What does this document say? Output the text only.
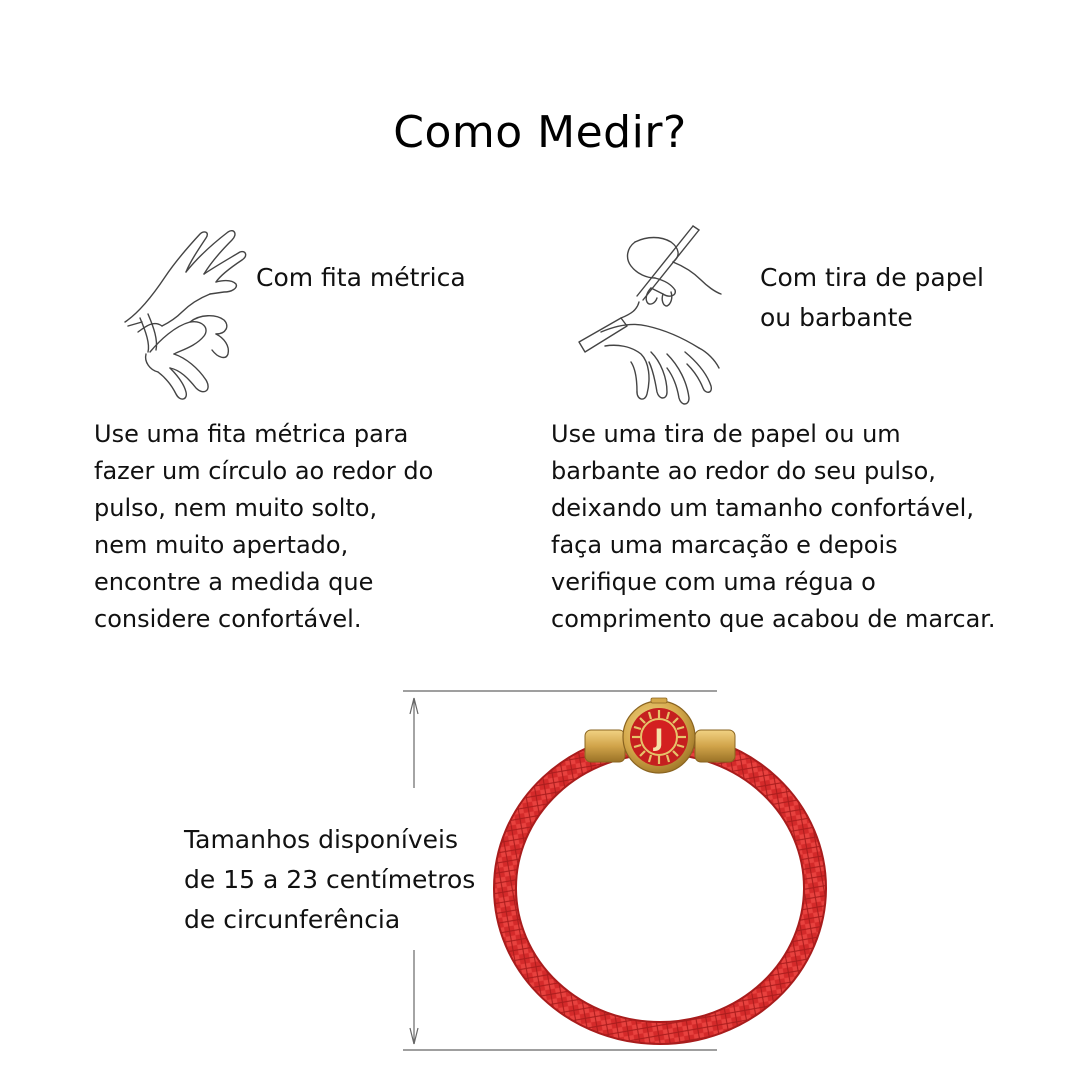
Como Medir?
Com fita métrica	Com tira de papel
ou barbante

Use uma fita métrica para
fazer um círculo ao redor do
pulso, nem muito solto,
nem muito apertado,
encontre a medida que
considere confortável.

Use uma tira de papel ou um
barbante ao redor do seu pulso,
deixando um tamanho confortável,
faça uma marcação e depois
verifique com uma régua o
comprimento que acabou de marcar.

Tamanhos disponíveis
de 15 a 23 centímetros
de circunferência
J
